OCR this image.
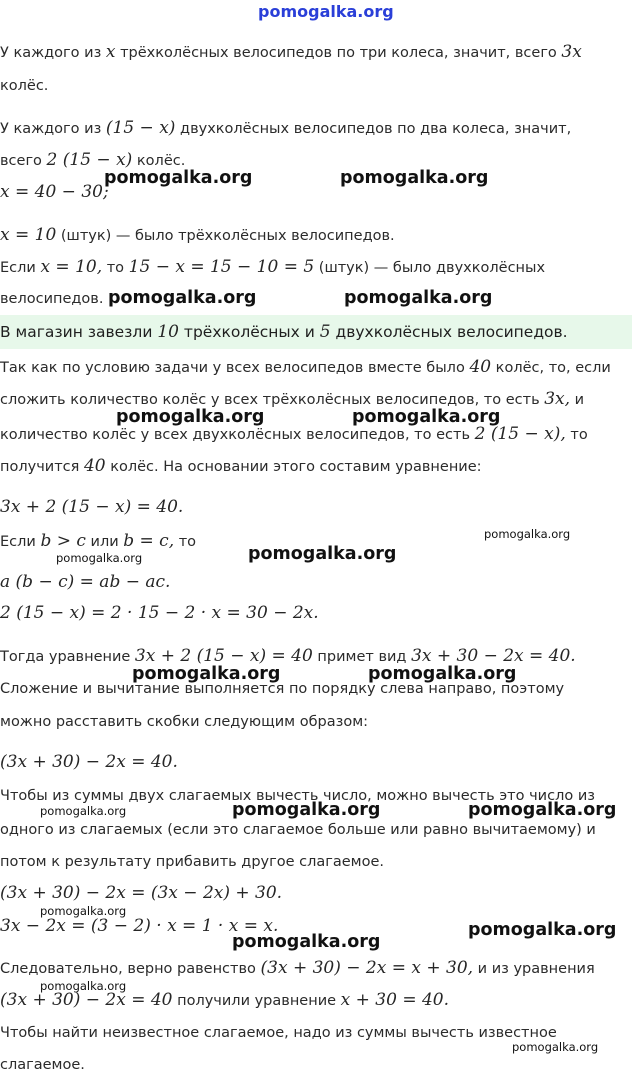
У каждого из x трёхколёсных велосипедов по три колеса, значит, всего 3x

колёс.

У каждого из (15 − x) двухколёсных велосипедов по два колеса, значит,

всего 2 (15 − x) колёс.

x = 40 − 30;

x = 10 (штук) — было трёхколёсных велосипедов.

Если x = 10, то 15 − x = 15 − 10 = 5 (штук) — было двухколёсных

велосипедов.

В магазин завезли 10 трёхколёсных и 5 двухколёсных велосипедов.

Так как по условию задачи у всех велосипедов вместе было 40 колёс, то, если

сложить количество колёс у всех трёхколёсных велосипедов, то есть 3x, и

количество колёс у всех двухколёсных велосипедов, то есть 2 (15 − x), то

получится 40 колёс. На основании этого составим уравнение:

3x + 2 (15 − x) = 40.

Если b > c или b = c, то

a (b − c) = ab − ac.

2 (15 − x) = 2 · 15 − 2 · x = 30 − 2x.

Тогда уравнение 3x + 2 (15 − x) = 40 примет вид 3x + 30 − 2x = 40.

Сложение и вычитание выполняется по порядку слева направо, поэтому

можно расставить скобки следующим образом:

(3x + 30) − 2x = 40.

Чтобы из суммы двух слагаемых вычесть число, можно вычесть это число из

одного из слагаемых (если это слагаемое больше или равно вычитаемому) и

потом к результату прибавить другое слагаемое.

(3x + 30) − 2x = (3x − 2x) + 30.

3x − 2x = (3 − 2) · x = 1 · x = x.

Следовательно, верно равенство (3x + 30) − 2x = x + 30, и из уравнения

(3x + 30) − 2x = 40 получили уравнение x + 30 = 40.

Чтобы найти неизвестное слагаемое, надо из суммы вычесть известное

слагаемое.

pomogalka.org
pomogalka.org	pomogalka.org
pomogalka.org	pomogalka.org
pomogalka.org	pomogalka.org
pomogalka.org
pomogalka.org	pomogalka.org
pomogalka.org	pomogalka.org
pomogalka.org
pomogalka.org
pomogalka.org
pomogalka.org
pomogalka.org
pomogalka.org
pomogalka.org
pomogalka.org
